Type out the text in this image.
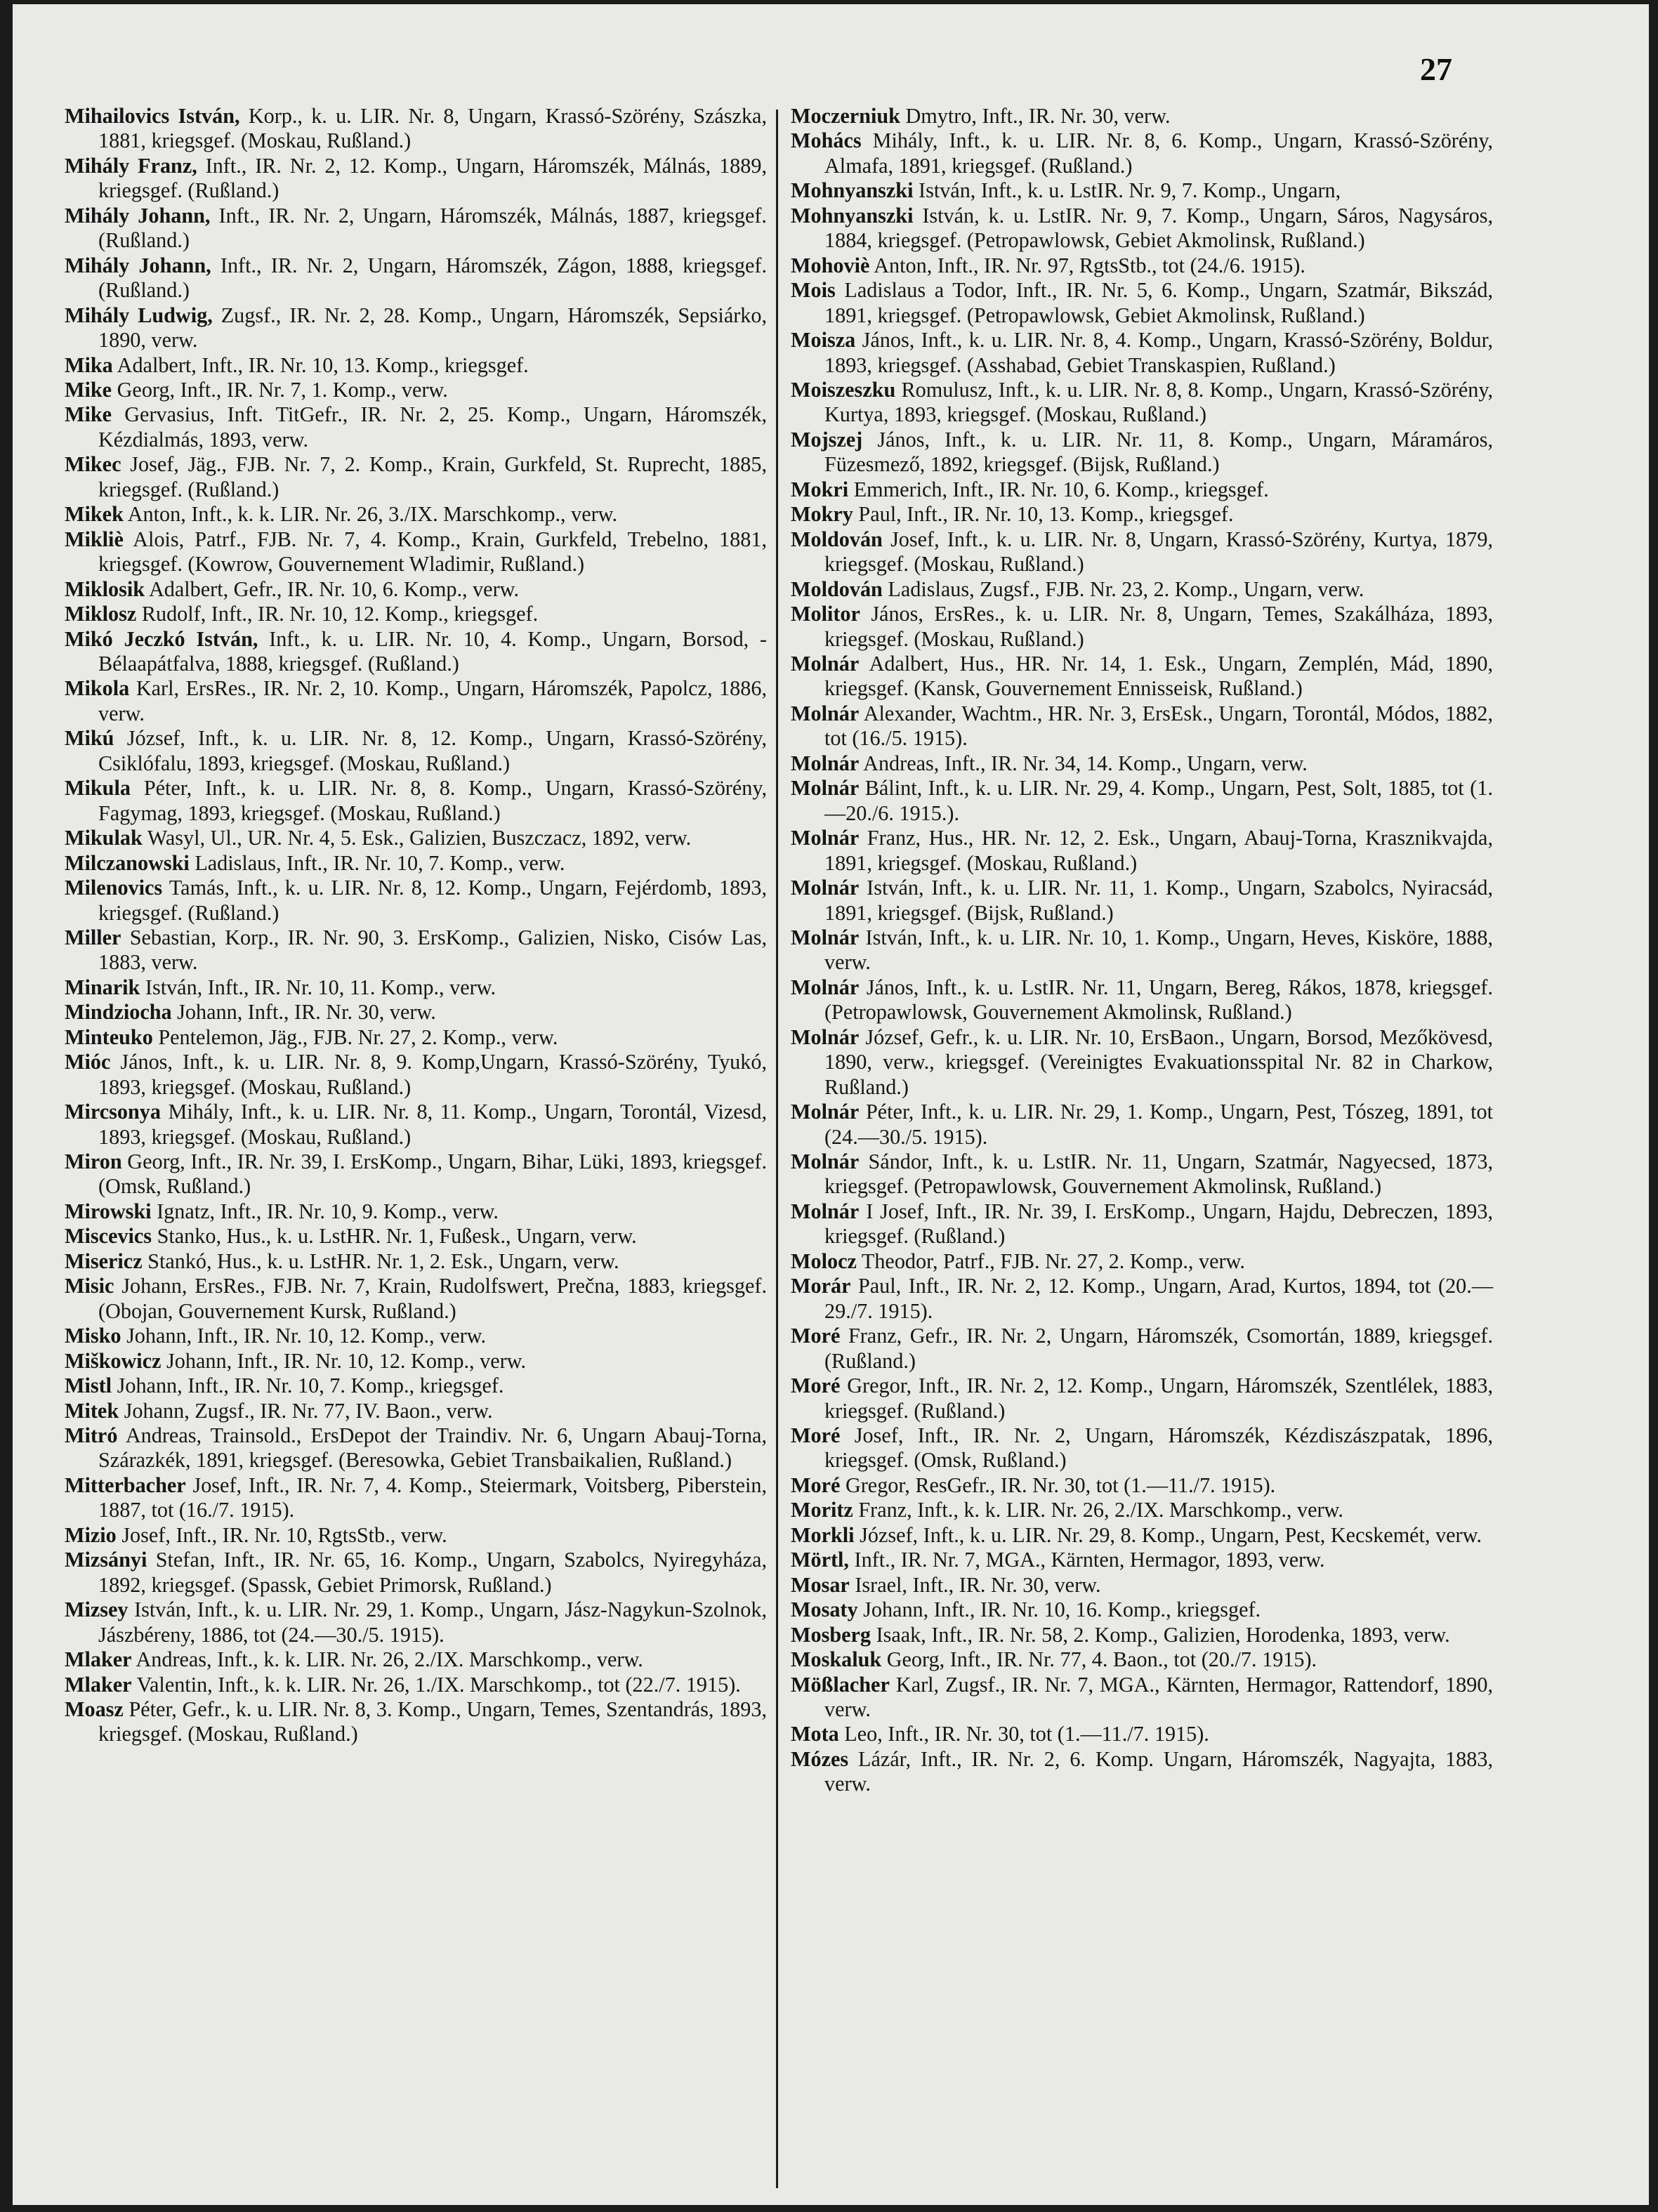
27

Mihailovics István, Korp., k. u. LIR. Nr. 8, Ungarn, Krassó-Szörény, Szászka, 1881, kriegsgef. (Moskau, Rußland.)

Mihály Franz, Inft., IR. Nr. 2, 12. Komp., Ungarn, Háromszék, Málnás, 1889, kriegsgef. (Rußland.)

Mihály Johann, Inft., IR. Nr. 2, Ungarn, Háromszék, Málnás, 1887, kriegsgef. (Rußland.)

Mihály Johann, Inft., IR. Nr. 2, Ungarn, Háromszék, Zágon, 1888, kriegsgef. (Rußland.)

Mihály Ludwig, Zugsf., IR. Nr. 2, 28. Komp., Ungarn, Háromszék, Sepsiárko, 1890, verw.

Mika Adalbert, Inft., IR. Nr. 10, 13. Komp., kriegsgef.

Mike Georg, Inft., IR. Nr. 7, 1. Komp., verw.

Mike Gervasius, Inft. TitGefr., IR. Nr. 2, 25. Komp., Ungarn, Háromszék, Kézdialmás, 1893, verw.

Mikec Josef, Jäg., FJB. Nr. 7, 2. Komp., Krain, Gurkfeld, St. Ruprecht, 1885, kriegsgef. (Rußland.)

Mikek Anton, Inft., k. k. LIR. Nr. 26, 3./IX. Marschkomp., verw.

Mikliè Alois, Patrf., FJB. Nr. 7, 4. Komp., Krain, Gurkfeld, Trebelno, 1881, kriegsgef. (Kowrow, Gouvernement Wladimir, Rußland.)

Miklosik Adalbert, Gefr., IR. Nr. 10, 6. Komp., verw.

Miklosz Rudolf, Inft., IR. Nr. 10, 12. Komp., kriegsgef.

Mikó Jeczkó István, Inft., k. u. LIR. Nr. 10, 4. Komp., Ungarn, Borsod, -Bélaapátfalva, 1888, kriegsgef. (Rußland.)

Mikola Karl, ErsRes., IR. Nr. 2, 10. Komp., Ungarn, Háromszék, Papolcz, 1886, verw.

Mikú József, Inft., k. u. LIR. Nr. 8, 12. Komp., Ungarn, Krassó-Szörény, Csiklófalu, 1893, kriegsgef. (Moskau, Rußland.)

Mikula Péter, Inft., k. u. LIR. Nr. 8, 8. Komp., Ungarn, Krassó-Szörény, Fagymag, 1893, kriegsgef. (Moskau, Rußland.)

Mikulak Wasyl, Ul., UR. Nr. 4, 5. Esk., Galizien, Buszczacz, 1892, verw.

Milczanowski Ladislaus, Inft., IR. Nr. 10, 7. Komp., verw.

Milenovics Tamás, Inft., k. u. LIR. Nr. 8, 12. Komp., Ungarn, Fejérdomb, 1893, kriegsgef. (Rußland.)

Miller Sebastian, Korp., IR. Nr. 90, 3. ErsKomp., Galizien, Nisko, Cisów Las, 1883, verw.

Minarik István, Inft., IR. Nr. 10, 11. Komp., verw.

Mindziocha Johann, Inft., IR. Nr. 30, verw.

Minteuko Pentelemon, Jäg., FJB. Nr. 27, 2. Komp., verw.

Mióc János, Inft., k. u. LIR. Nr. 8, 9. Komp,Ungarn, Krassó-Szörény, Tyukó, 1893, kriegsgef. (Moskau, Rußland.)

Mircsonya Mihály, Inft., k. u. LIR. Nr. 8, 11. Komp., Ungarn, Torontál, Vizesd, 1893, kriegsgef. (Moskau, Rußland.)

Miron Georg, Inft., IR. Nr. 39, I. ErsKomp., Ungarn, Bihar, Lüki, 1893, kriegsgef. (Omsk, Rußland.)

Mirowski Ignatz, Inft., IR. Nr. 10, 9. Komp., verw.

Miscevics Stanko, Hus., k. u. LstHR. Nr. 1, Fußesk., Ungarn, verw.

Misericz Stankó, Hus., k. u. LstHR. Nr. 1, 2. Esk., Ungarn, verw.

Misic Johann, ErsRes., FJB. Nr. 7, Krain, Rudolfswert, Prečna, 1883, kriegsgef. (Obojan, Gouvernement Kursk, Rußland.)

Misko Johann, Inft., IR. Nr. 10, 12. Komp., verw.

Miškowicz Johann, Inft., IR. Nr. 10, 12. Komp., verw.

Mistl Johann, Inft., IR. Nr. 10, 7. Komp., kriegsgef.

Mitek Johann, Zugsf., IR. Nr. 77, IV. Baon., verw.

Mitró Andreas, Trainsold., ErsDepot der Traindiv. Nr. 6, Ungarn Abauj-Torna, Szárazkék, 1891, kriegsgef. (Beresowka, Gebiet Transbaikalien, Rußland.)

Mitterbacher Josef, Inft., IR. Nr. 7, 4. Komp., Steiermark, Voitsberg, Piberstein, 1887, tot (16./7. 1915).

Mizio Josef, Inft., IR. Nr. 10, RgtsStb., verw.

Mizsányi Stefan, Inft., IR. Nr. 65, 16. Komp., Ungarn, Szabolcs, Nyiregyháza, 1892, kriegsgef. (Spassk, Gebiet Primorsk, Rußland.)

Mizsey István, Inft., k. u. LIR. Nr. 29, 1. Komp., Ungarn, Jász-Nagykun-Szolnok, Jászbéreny, 1886, tot (24.—30./5. 1915).

Mlaker Andreas, Inft., k. k. LIR. Nr. 26, 2./IX. Marschkomp., verw.

Mlaker Valentin, Inft., k. k. LIR. Nr. 26, 1./IX. Marschkomp., tot (22./7. 1915).

Moasz Péter, Gefr., k. u. LIR. Nr. 8, 3. Komp., Ungarn, Temes, Szentandrás, 1893, kriegsgef. (Moskau, Rußland.)

Moczerniuk Dmytro, Inft., IR. Nr. 30, verw.

Mohács Mihály, Inft., k. u. LIR. Nr. 8, 6. Komp., Ungarn, Krassó-Szörény, Almafa, 1891, kriegsgef. (Rußland.)

Mohnyanszki István, Inft., k. u. LstIR. Nr. 9, 7. Komp., Ungarn,

Mohnyanszki István, k. u. LstIR. Nr. 9, 7. Komp., Ungarn, Sáros, Nagysáros, 1884, kriegsgef. (Petropawlowsk, Gebiet Akmolinsk, Rußland.)

Mohoviè Anton, Inft., IR. Nr. 97, RgtsStb., tot (24./6. 1915).

Mois Ladislaus a Todor, Inft., IR. Nr. 5, 6. Komp., Ungarn, Szatmár, Bikszád, 1891, kriegsgef. (Petropawlowsk, Gebiet Akmolinsk, Rußland.)

Moisza János, Inft., k. u. LIR. Nr. 8, 4. Komp., Ungarn, Krassó-Szörény, Boldur, 1893, kriegsgef. (Asshabad, Gebiet Transkaspien, Rußland.)

Moiszeszku Romulusz, Inft., k. u. LIR. Nr. 8, 8. Komp., Ungarn, Krassó-Szörény, Kurtya, 1893, kriegsgef. (Moskau, Rußland.)

Mojszej János, Inft., k. u. LIR. Nr. 11, 8. Komp., Ungarn, Máramáros, Füzesmező, 1892, kriegsgef. (Bijsk, Rußland.)

Mokri Emmerich, Inft., IR. Nr. 10, 6. Komp., kriegsgef.

Mokry Paul, Inft., IR. Nr. 10, 13. Komp., kriegsgef.

Moldován Josef, Inft., k. u. LIR. Nr. 8, Ungarn, Krassó-Szörény, Kurtya, 1879, kriegsgef. (Moskau, Rußland.)

Moldován Ladislaus, Zugsf., FJB. Nr. 23, 2. Komp., Ungarn, verw.

Molitor János, ErsRes., k. u. LIR. Nr. 8, Ungarn, Temes, Szakálháza, 1893, kriegsgef. (Moskau, Rußland.)

Molnár Adalbert, Hus., HR. Nr. 14, 1. Esk., Ungarn, Zemplén, Mád, 1890, kriegsgef. (Kansk, Gouvernement Ennisseisk, Rußland.)

Molnár Alexander, Wachtm., HR. Nr. 3, ErsEsk., Ungarn, Torontál, Módos, 1882, tot (16./5. 1915).

Molnár Andreas, Inft., IR. Nr. 34, 14. Komp., Ungarn, verw.

Molnár Bálint, Inft., k. u. LIR. Nr. 29, 4. Komp., Ungarn, Pest, Solt, 1885, tot (1.—20./6. 1915.).

Molnár Franz, Hus., HR. Nr. 12, 2. Esk., Ungarn, Abauj-Torna, Krasznikvajda, 1891, kriegsgef. (Moskau, Rußland.)

Molnár István, Inft., k. u. LIR. Nr. 11, 1. Komp., Ungarn, Szabolcs, Nyiracsád, 1891, kriegsgef. (Bijsk, Rußland.)

Molnár István, Inft., k. u. LIR. Nr. 10, 1. Komp., Ungarn, Heves, Kisköre, 1888, verw.

Molnár János, Inft., k. u. LstIR. Nr. 11, Ungarn, Bereg, Rákos, 1878, kriegsgef. (Petropawlowsk, Gouvernement Akmolinsk, Rußland.)

Molnár József, Gefr., k. u. LIR. Nr. 10, ErsBaon., Ungarn, Borsod, Mezőkövesd, 1890, verw., kriegsgef. (Vereinigtes Evakuationsspital Nr. 82 in Charkow, Rußland.)

Molnár Péter, Inft., k. u. LIR. Nr. 29, 1. Komp., Ungarn, Pest, Tószeg, 1891, tot (24.—30./5. 1915).

Molnár Sándor, Inft., k. u. LstIR. Nr. 11, Ungarn, Szatmár, Nagyecsed, 1873, kriegsgef. (Petropawlowsk, Gouvernement Akmolinsk, Rußland.)

Molnár I Josef, Inft., IR. Nr. 39, I. ErsKomp., Ungarn, Hajdu, Debreczen, 1893, kriegsgef. (Rußland.)

Molocz Theodor, Patrf., FJB. Nr. 27, 2. Komp., verw.

Morár Paul, Inft., IR. Nr. 2, 12. Komp., Ungarn, Arad, Kurtos, 1894, tot (20.—29./7. 1915).

Moré Franz, Gefr., IR. Nr. 2, Ungarn, Háromszék, Csomortán, 1889, kriegsgef. (Rußland.)

Moré Gregor, Inft., IR. Nr. 2, 12. Komp., Ungarn, Háromszék, Szentlélek, 1883, kriegsgef. (Rußland.)

Moré Josef, Inft., IR. Nr. 2, Ungarn, Háromszék, Kézdiszászpatak, 1896, kriegsgef. (Omsk, Rußland.)

Moré Gregor, ResGefr., IR. Nr. 30, tot (1.—11./7. 1915).

Moritz Franz, Inft., k. k. LIR. Nr. 26, 2./IX. Marschkomp., verw.

Morkli József, Inft., k. u. LIR. Nr. 29, 8. Komp., Ungarn, Pest, Kecskemét, verw.

Mörtl, Inft., IR. Nr. 7, MGA., Kärnten, Hermagor, 1893, verw.

Mosar Israel, Inft., IR. Nr. 30, verw.

Mosaty Johann, Inft., IR. Nr. 10, 16. Komp., kriegsgef.

Mosberg Isaak, Inft., IR. Nr. 58, 2. Komp., Galizien, Horodenka, 1893, verw.

Moskaluk Georg, Inft., IR. Nr. 77, 4. Baon., tot (20./7. 1915).

Mößlacher Karl, Zugsf., IR. Nr. 7, MGA., Kärnten, Hermagor, Rattendorf, 1890, verw.

Mota Leo, Inft., IR. Nr. 30, tot (1.—11./7. 1915).

Mózes Lázár, Inft., IR. Nr. 2, 6. Komp. Ungarn, Háromszék, Nagyajta, 1883, verw.
